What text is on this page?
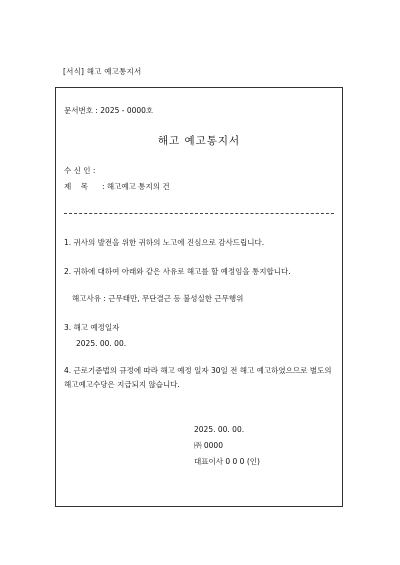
[서식] 해고 예고통지서
문서번호 : 2025 - 0000호
해고 예고통지서
수 신 인 :
제    목 : 해고예고 통지의 건
1. 귀사의 발전을 위한 귀하의 노고에 진심으로 감사드립니다.
2. 귀하에 대하여 아래와 같은 사유로 해고를 할 예정임을 통지합니다.
해고사유 : 근무태만, 무단결근 등 불성실한 근무행위
3. 해고 예정일자
2025. 00. 00.
4. 근로기준법의 규정에 따라 해고 예정 일자 30일 전 해고 예고하였으므로 별도의 해고예고수당은 지급되지 않습니다.
2025. 00. 00.
㈜ 0000
대표이사 0 0 0 (인)
